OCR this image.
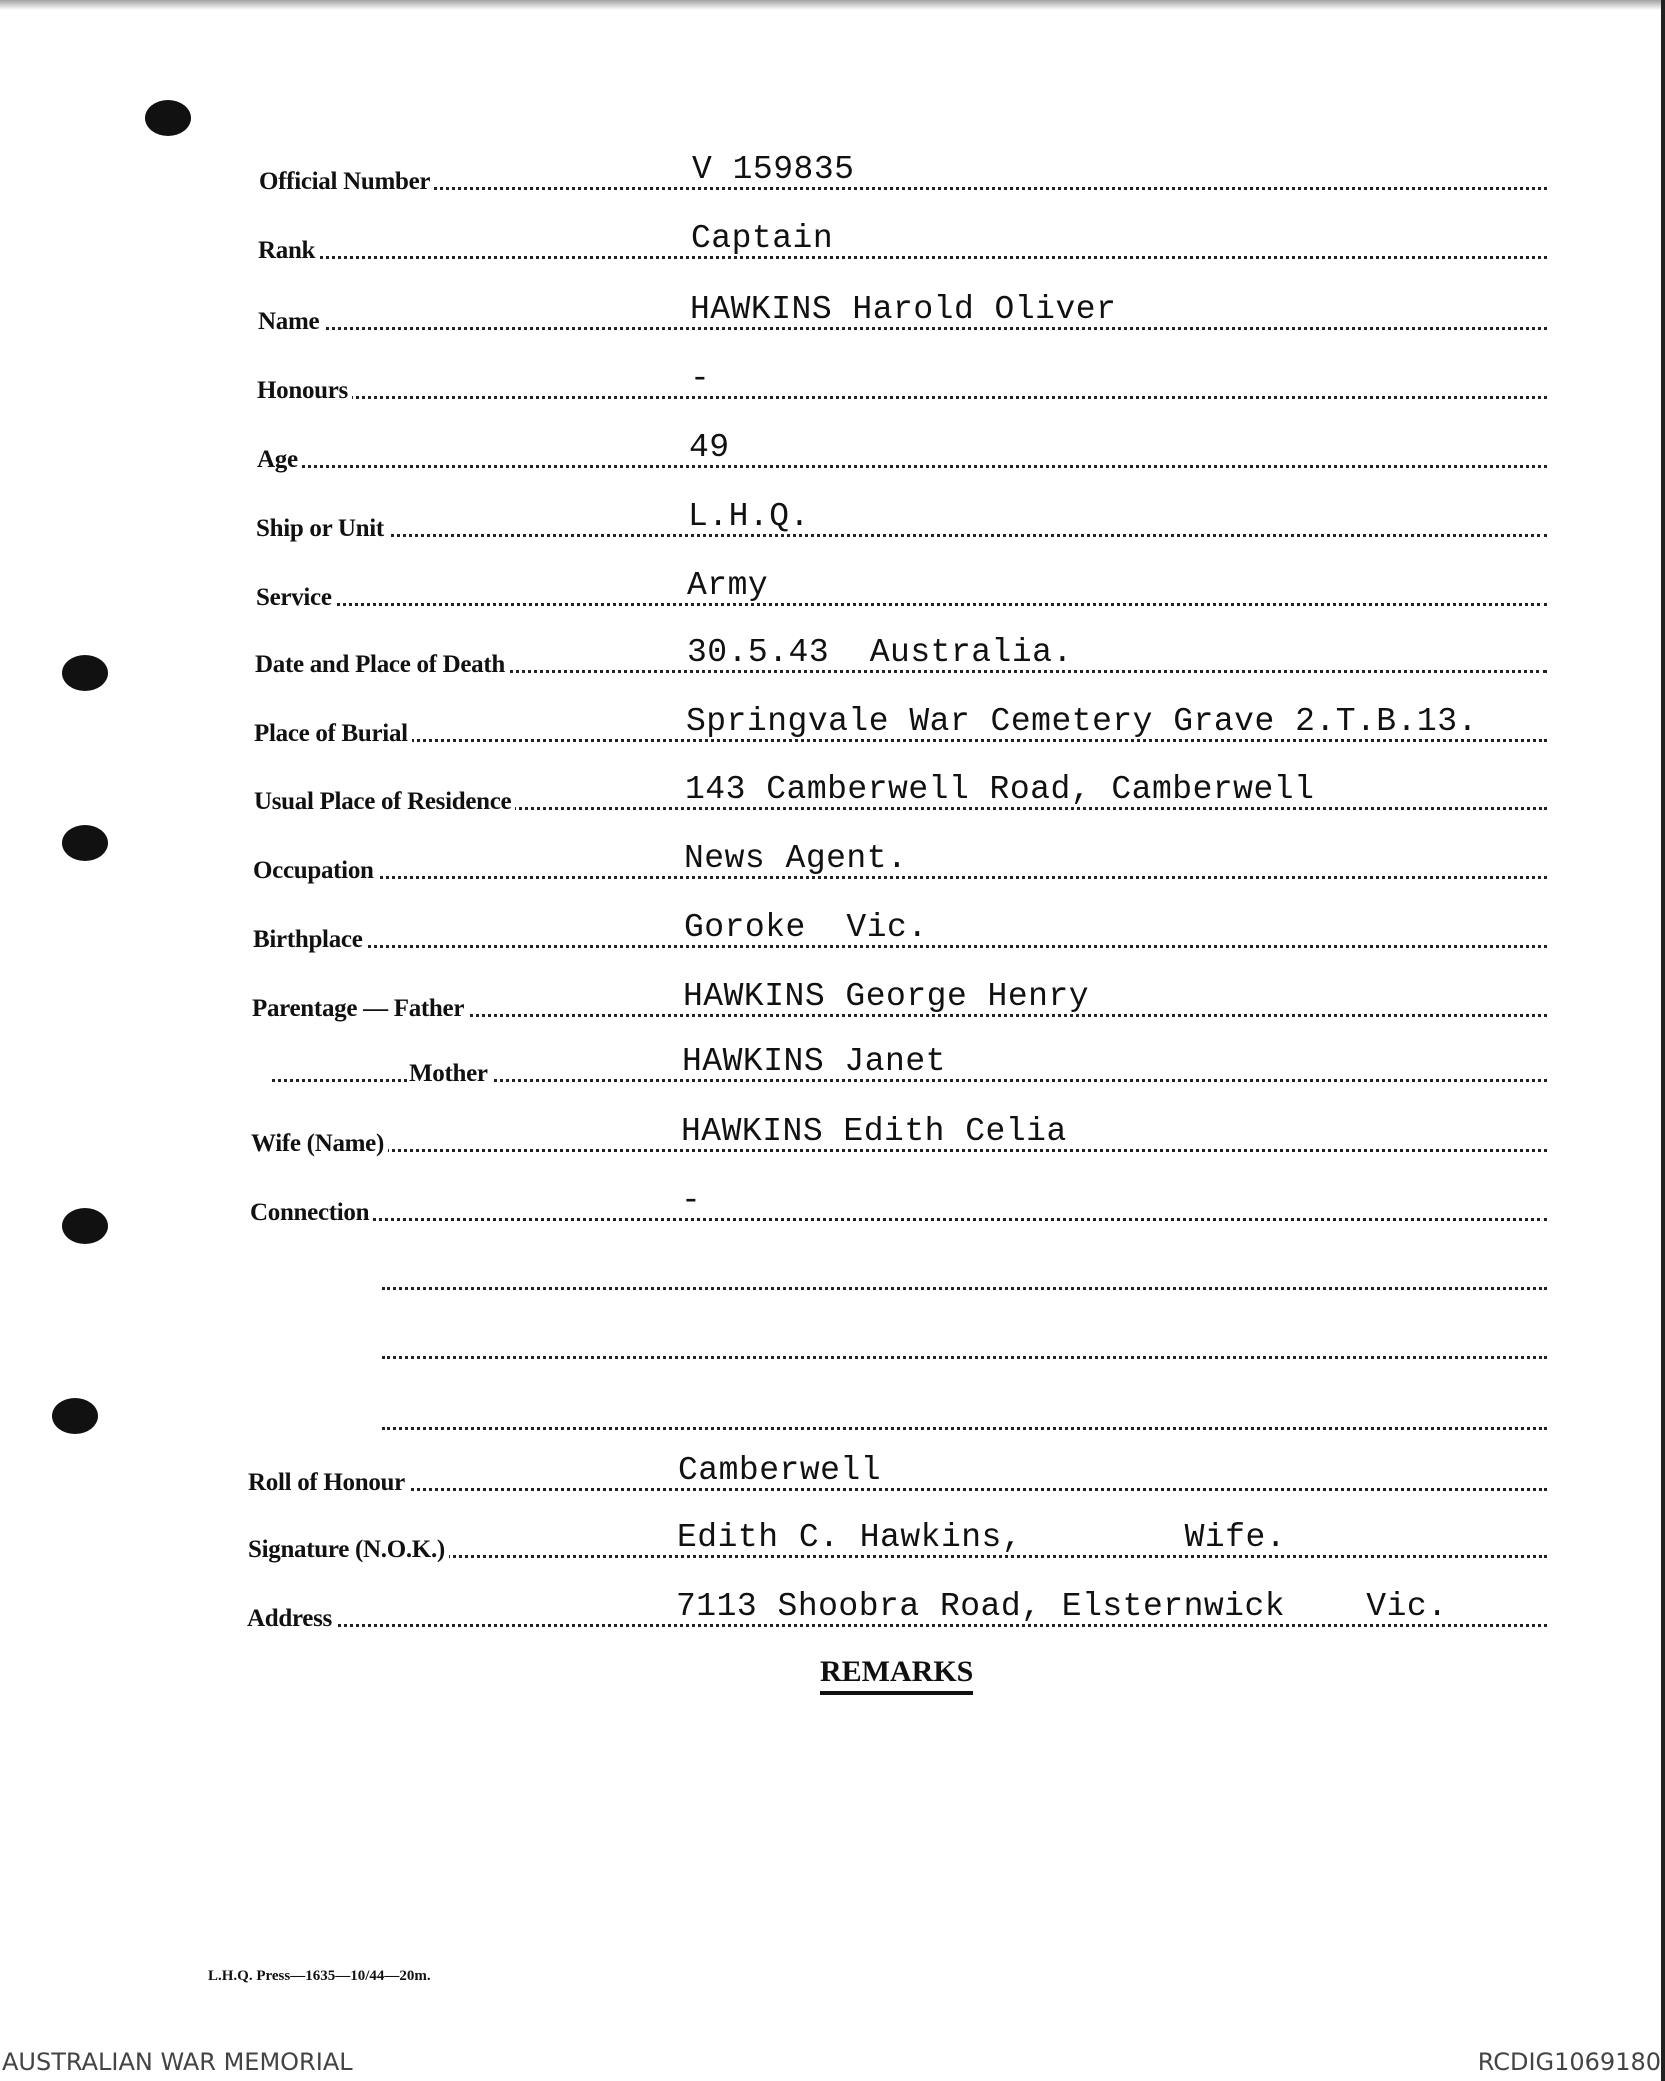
Official Number	V 159835
Rank	Captain
Name	HAWKINS Harold Oliver
Honours	-
Age	49
Ship or Unit	L.H.Q.
Service	Army
Date and Place of Death	30.5.43  Australia.
Place of Burial	Springvale War Cemetery Grave 2.T.B.13.
Usual Place of Residence	143 Camberwell Road, Camberwell
Occupation	News Agent.
Birthplace	Goroke  Vic.
Parentage — Father	HAWKINS George Henry
Mother	HAWKINS Janet
Wife (Name)	HAWKINS Edith Celia
Connection	-
Roll of Honour	Camberwell
Signature (N.O.K.)	Edith C. Hawkins,        Wife.
Address	7113 Shoobra Road, Elsternwick    Vic.
REMARKS
L.H.Q. Press—1635—10/44—20m.
AUSTRALIAN WAR MEMORIAL	RCDIG1069180
